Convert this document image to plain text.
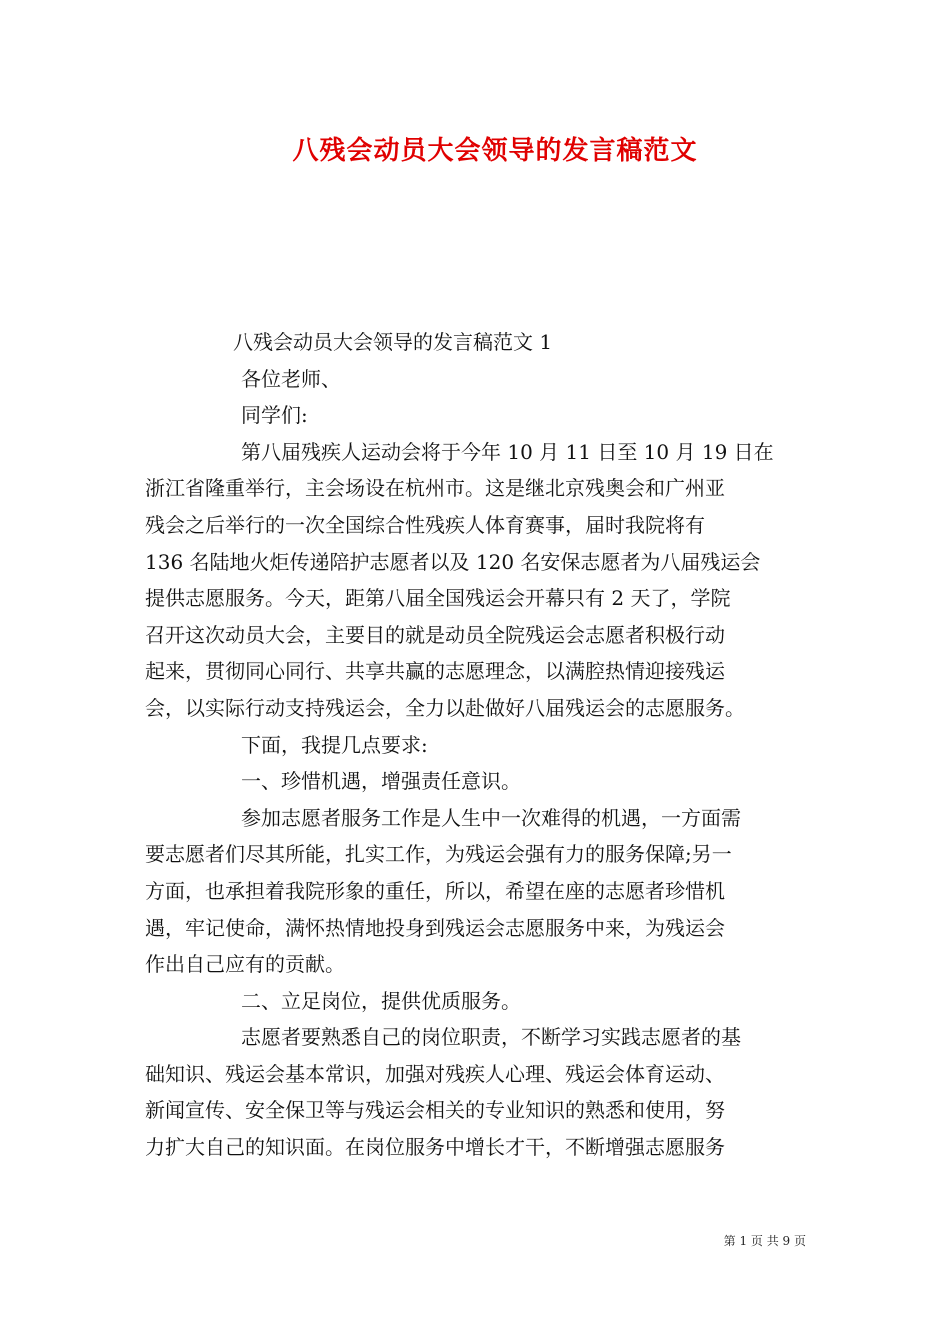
八残会动员大会领导的发言稿范文
八残会动员大会领导的发言稿范文 1
各位老师、
同学们:
第八届残疾人运动会将于今年 10 月 11 日至 10 月 19 日在
浙江省隆重举行，主会场设在杭州市。这是继北京残奥会和广州亚
残会之后举行的一次全国综合性残疾人体育赛事，届时我院将有
136 名陆地火炬传递陪护志愿者以及 120 名安保志愿者为八届残运会
提供志愿服务。今天，距第八届全国残运会开幕只有 2 天了，学院
召开这次动员大会，主要目的就是动员全院残运会志愿者积极行动
起来，贯彻同心同行、共享共赢的志愿理念，以满腔热情迎接残运
会，以实际行动支持残运会，全力以赴做好八届残运会的志愿服务。
下面，我提几点要求:
一、珍惜机遇，增强责任意识。
参加志愿者服务工作是人生中一次难得的机遇，一方面需
要志愿者们尽其所能，扎实工作，为残运会强有力的服务保障;另一
方面，也承担着我院形象的重任，所以，希望在座的志愿者珍惜机
遇，牢记使命，满怀热情地投身到残运会志愿服务中来，为残运会
作出自己应有的贡献。
二、立足岗位，提供优质服务。
志愿者要熟悉自己的岗位职责，不断学习实践志愿者的基
础知识、残运会基本常识，加强对残疾人心理、残运会体育运动、
新闻宣传、安全保卫等与残运会相关的专业知识的熟悉和使用，努
力扩大自己的知识面。在岗位服务中增长才干，不断增强志愿服务
第 1 页 共 9 页
